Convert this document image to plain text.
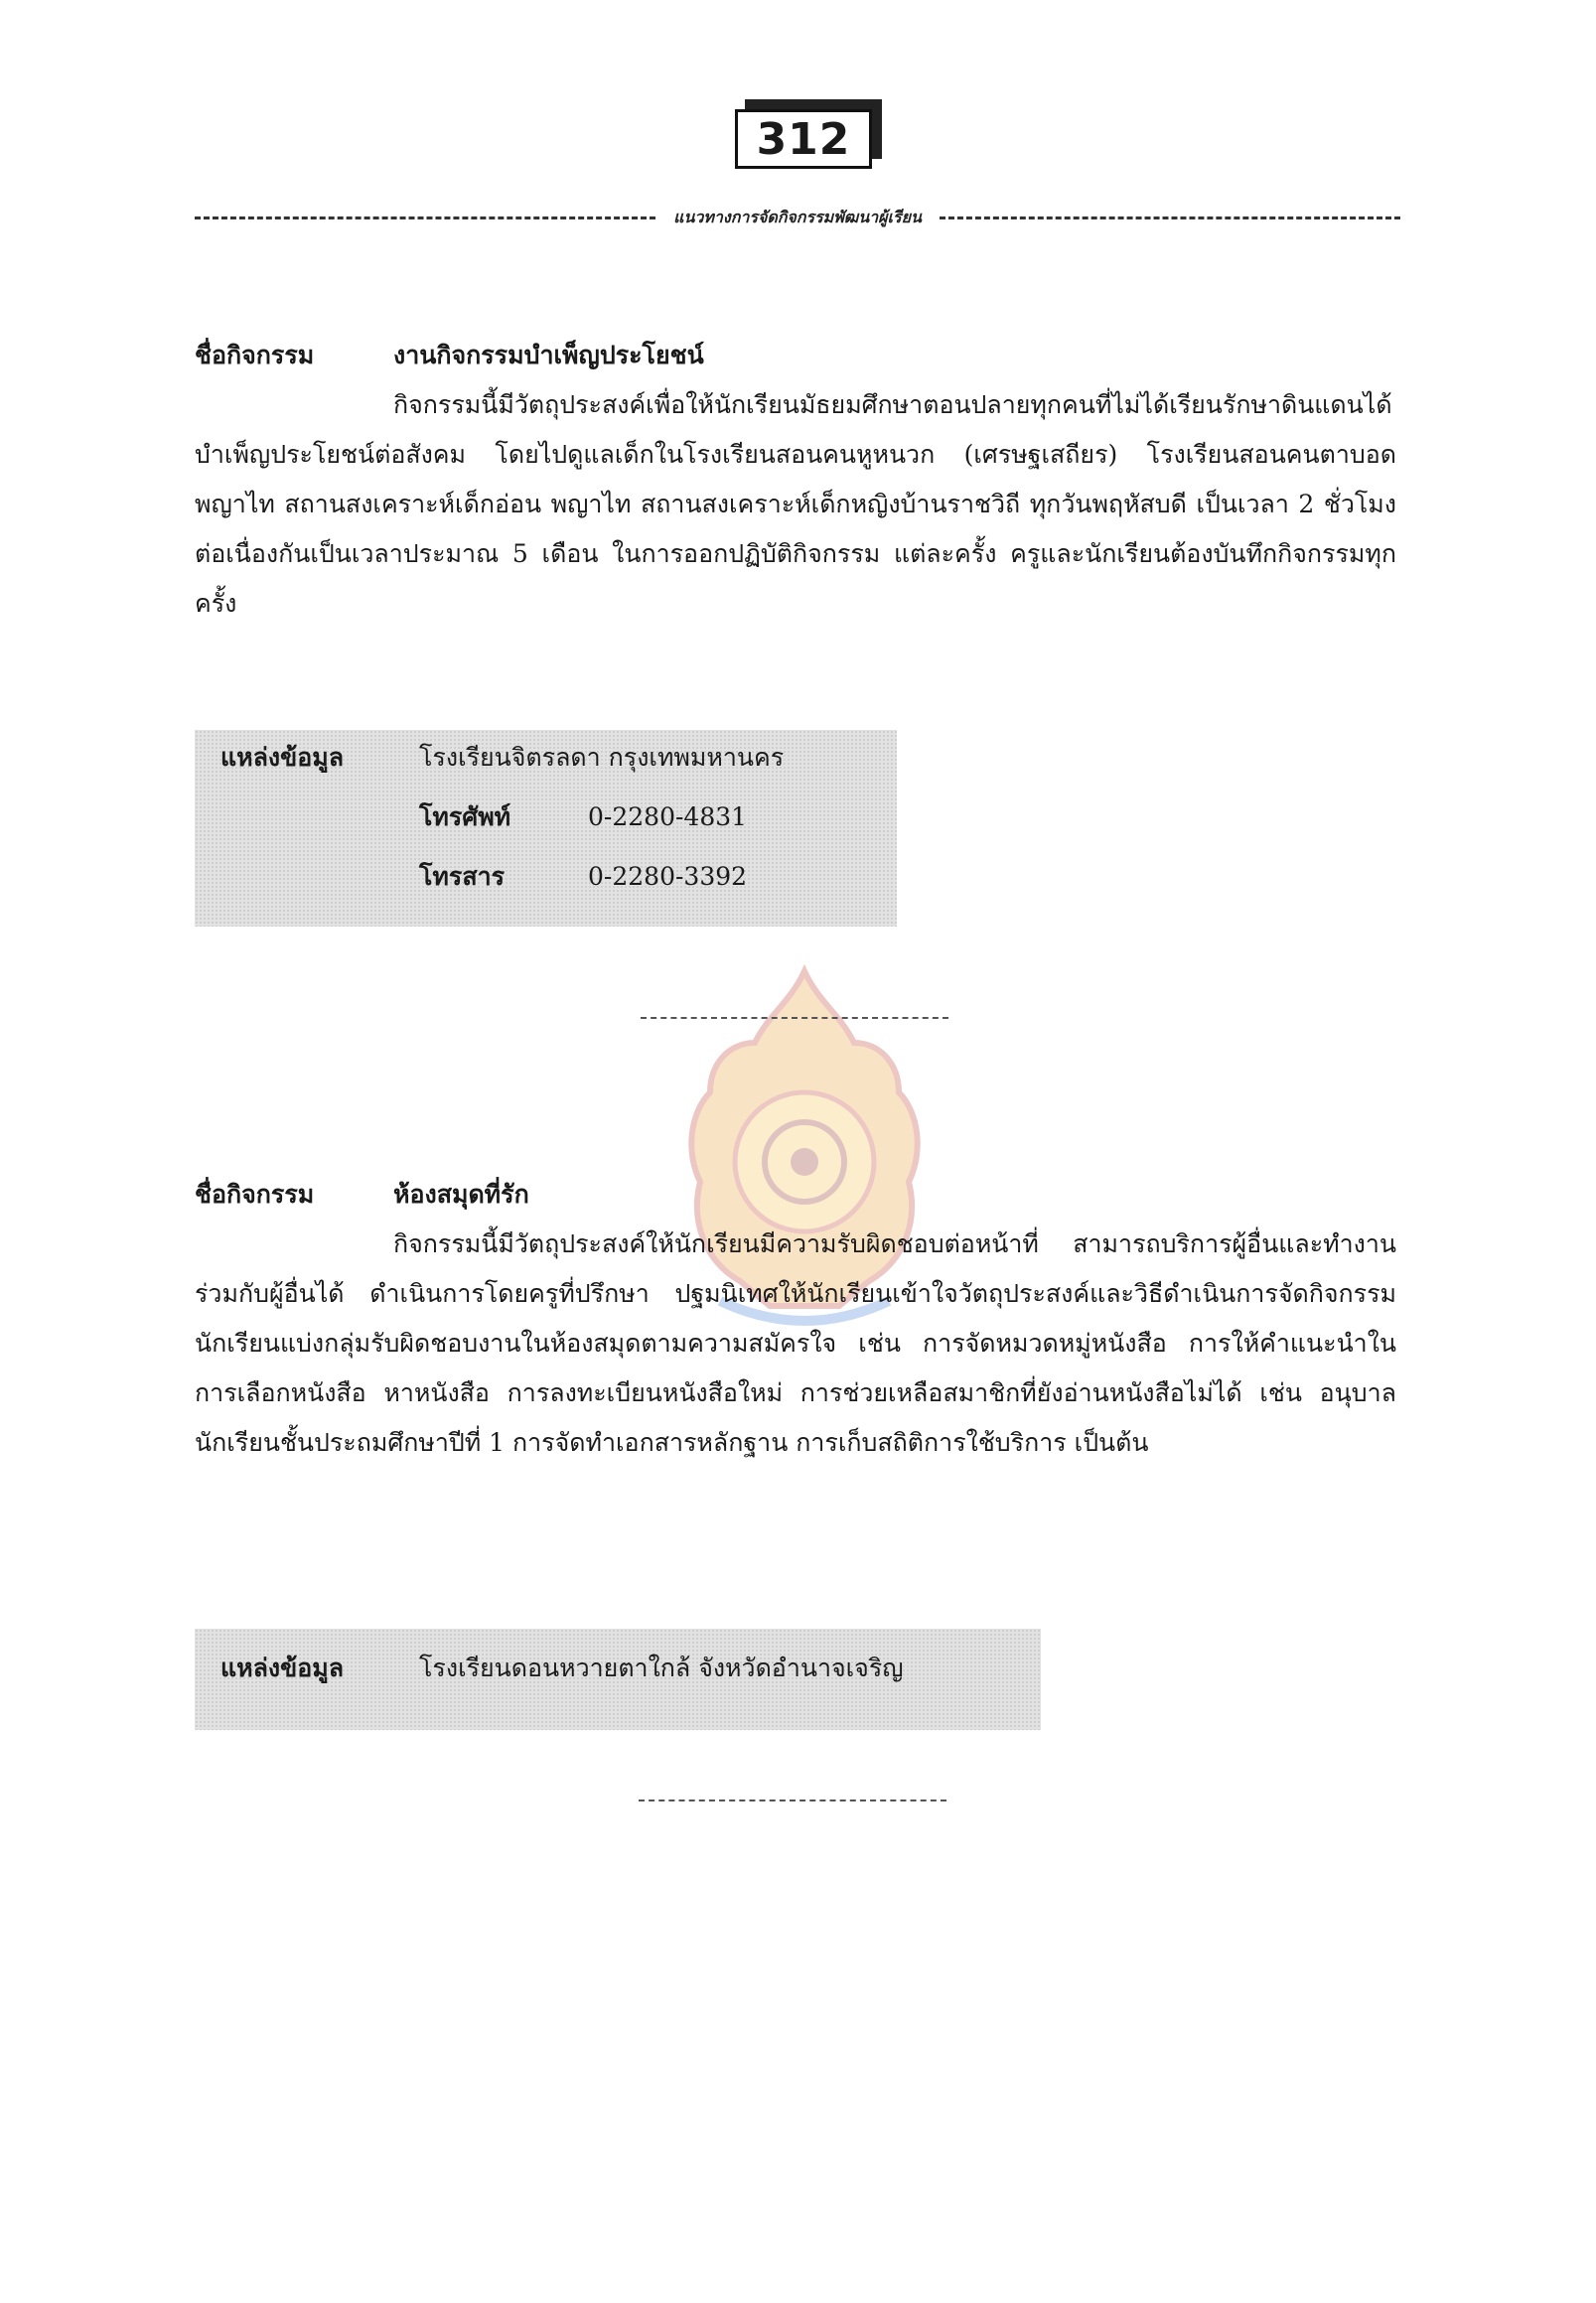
312
แนวทางการจัดกิจกรรมพัฒนาผู้เรียน
ชื่อกิจกรรม	งานกิจกรรมบำเพ็ญประโยชน์

กิจกรรมนี้มีวัตถุประสงค์เพื่อให้นักเรียนมัธยมศึกษาตอนปลายทุกคนที่ไม่ได้เรียนรักษาดินแดนได้บำเพ็ญประโยชน์ต่อสังคม โดยไปดูแลเด็กในโรงเรียนสอนคนหูหนวก (เศรษฐเสถียร) โรงเรียนสอนคนตาบอด พญาไท สถานสงเคราะห์เด็กอ่อน พญาไท สถานสงเคราะห์เด็กหญิงบ้านราชวิถี ทุกวันพฤหัสบดี เป็นเวลา 2 ชั่วโมง ต่อเนื่องกันเป็นเวลาประมาณ 5 เดือน ในการออกปฏิบัติกิจกรรม แต่ละครั้ง ครูและนักเรียนต้องบันทึกกิจกรรมทุกครั้ง

แหล่งข้อมูล	โรงเรียนจิตรลดา กรุงเทพมหานคร
โทรศัพท์	0-2280-4831
โทรสาร	0-2280-3392
ชื่อกิจกรรม	ห้องสมุดที่รัก

กิจกรรมนี้มีวัตถุประสงค์ให้นักเรียนมีความรับผิดชอบต่อหน้าที่ สามารถบริการผู้อื่นและทำงานร่วมกับผู้อื่นได้ ดำเนินการโดยครูที่ปรึกษา ปฐมนิเทศให้นักเรียนเข้าใจวัตถุประสงค์และวิธีดำเนินการจัดกิจกรรม นักเรียนแบ่งกลุ่มรับผิดชอบงานในห้องสมุดตามความสมัครใจ เช่น การจัดหมวดหมู่หนังสือ การให้คำแนะนำในการเลือกหนังสือ หาหนังสือ การลงทะเบียนหนังสือใหม่ การช่วยเหลือสมาชิกที่ยังอ่านหนังสือไม่ได้ เช่น อนุบาล นักเรียนชั้นประถมศึกษาปีที่ 1 การจัดทำเอกสารหลักฐาน การเก็บสถิติการใช้บริการ เป็นต้น

แหล่งข้อมูล	โรงเรียนดอนหวายตาใกล้ จังหวัดอำนาจเจริญ
